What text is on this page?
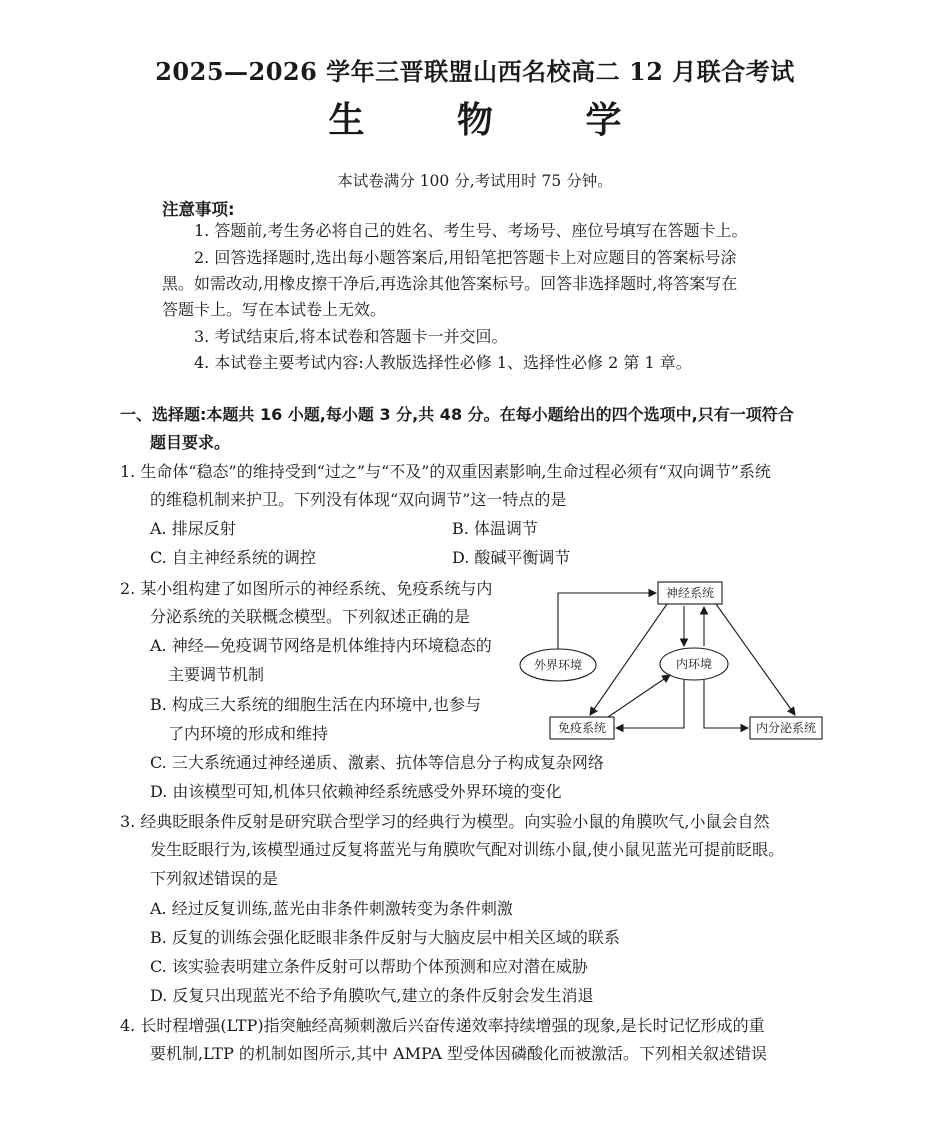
2025—2026 学年三晋联盟山西名校高二 12 月联合考试
生 物 学
本试卷满分 100 分,考试用时 75 分钟。
注意事项:
1. 答题前,考生务必将自己的姓名、考生号、考场号、座位号填写在答题卡上。
2. 回答选择题时,选出每小题答案后,用铅笔把答题卡上对应题目的答案标号涂
黑。如需改动,用橡皮擦干净后,再选涂其他答案标号。回答非选择题时,将答案写在
答题卡上。写在本试卷上无效。
3. 考试结束后,将本试卷和答题卡一并交回。
4. 本试卷主要考试内容:人教版选择性必修 1、选择性必修 2 第 1 章。
一、选择题:本题共 16 小题,每小题 3 分,共 48 分。在每小题给出的四个选项中,只有一项符合
题目要求。
1. 生命体“稳态”的维持受到“过之”与“不及”的双重因素影响,生命过程必须有“双向调节”系统
的维稳机制来护卫。下列没有体现“双向调节”这一特点的是
A. 排尿反射	B. 体温调节
C. 自主神经系统的调控	D. 酸碱平衡调节
2. 某小组构建了如图所示的神经系统、免疫系统与内
分泌系统的关联概念模型。下列叙述正确的是
A. 神经—免疫调节网络是机体维持内环境稳态的
主要调节机制
B. 构成三大系统的细胞生活在内环境中,也参与
了内环境的形成和维持
C. 三大系统通过神经递质、激素、抗体等信息分子构成复杂网络
D. 由该模型可知,机体只依赖神经系统感受外界环境的变化
神经系统
外界环境	内环境
免疫系统	内分泌系统
3. 经典眨眼条件反射是研究联合型学习的经典行为模型。向实验小鼠的角膜吹气,小鼠会自然
发生眨眼行为,该模型通过反复将蓝光与角膜吹气配对训练小鼠,使小鼠见蓝光可提前眨眼。
下列叙述错误的是
A. 经过反复训练,蓝光由非条件刺激转变为条件刺激
B. 反复的训练会强化眨眼非条件反射与大脑皮层中相关区域的联系
C. 该实验表明建立条件反射可以帮助个体预测和应对潜在威胁
D. 反复只出现蓝光不给予角膜吹气,建立的条件反射会发生消退
4. 长时程增强(LTP)指突触经高频刺激后兴奋传递效率持续增强的现象,是长时记忆形成的重
要机制,LTP 的机制如图所示,其中 AMPA 型受体因磷酸化而被激活。下列相关叙述错误
